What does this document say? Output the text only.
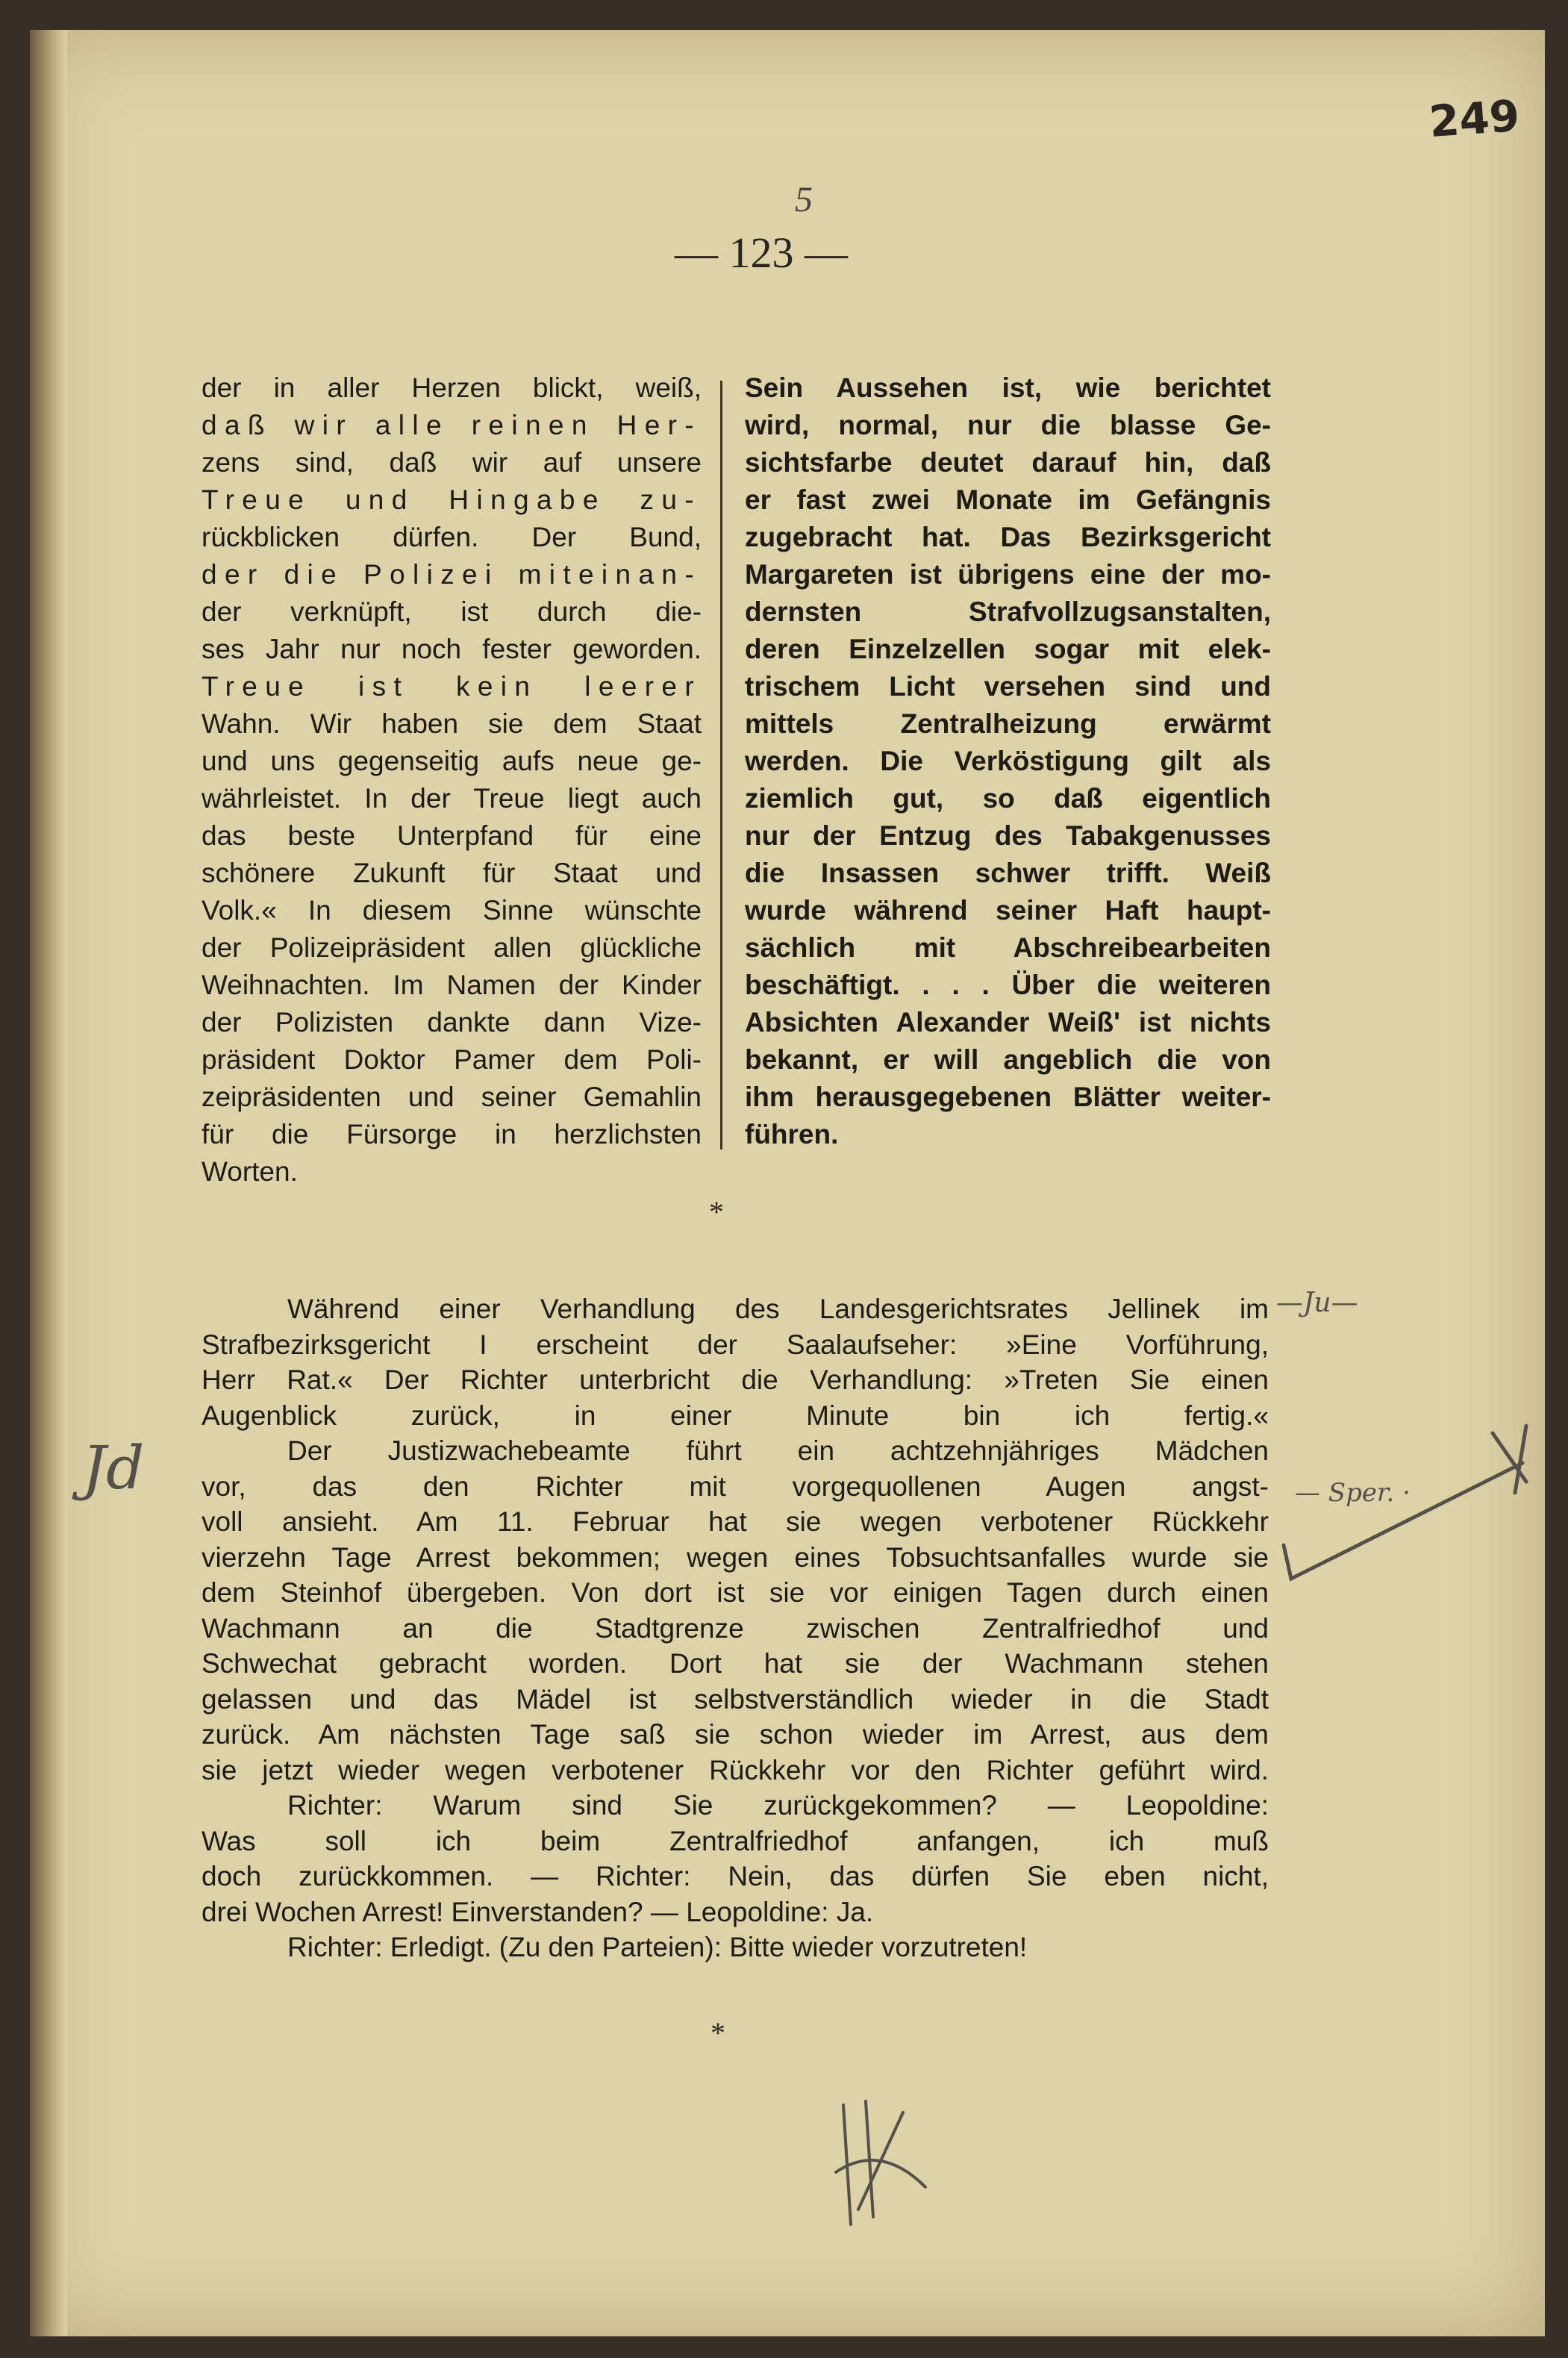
249
5
— 123 —
der in aller Herzen blickt, weiß,
daß wir alle reinen Her-
zens sind, daß wir auf unsere
Treue und Hingabe zu-
rückblicken dürfen. Der Bund,
der die Polizei miteinan-
der verknüpft, ist durch die-
ses Jahr nur noch fester geworden.
Treue ist kein leerer
Wahn. Wir haben sie dem Staat
und uns gegenseitig aufs neue ge-
währleistet. In der Treue liegt auch
das beste Unterpfand für eine
schönere Zukunft für Staat und
Volk.« In diesem Sinne wünschte
der Polizeipräsident allen glückliche
Weihnachten. Im Namen der Kinder
der Polizisten dankte dann Vize-
präsident Doktor Pamer dem Poli-
zeipräsidenten und seiner Gemahlin
für die Fürsorge in herzlichsten
Worten.
Sein Aussehen ist, wie berichtet
wird, normal, nur die blasse Ge-
sichtsfarbe deutet darauf hin, daß
er fast zwei Monate im Gefängnis
zugebracht hat. Das Bezirksgericht
Margareten ist übrigens eine der mo-
dernsten Strafvollzugsanstalten,
deren Einzelzellen sogar mit elek-
trischem Licht versehen sind und
mittels Zentralheizung erwärmt
werden. Die Verköstigung gilt als
ziemlich gut, so daß eigentlich
nur der Entzug des Tabakgenusses
die Insassen schwer trifft. Weiß
wurde während seiner Haft haupt-
sächlich mit Abschreibearbeiten
beschäftigt. . . . Über die weiteren
Absichten Alexander Weiß' ist nichts
bekannt, er will angeblich die von
ihm herausgegebenen Blätter weiter-
führen.
*
Während einer Verhandlung des Landesgerichtsrates Jellinek im
Strafbezirksgericht I erscheint der Saalaufseher: »Eine Vorführung,
Herr Rat.« Der Richter unterbricht die Verhandlung: »Treten Sie einen
Augenblick zurück, in einer Minute bin ich fertig.«
Der Justizwachebeamte führt ein achtzehnjähriges Mädchen
vor, das den Richter mit vorgequollenen Augen angst-
voll ansieht. Am 11. Februar hat sie wegen verbotener Rückkehr
vierzehn Tage Arrest bekommen; wegen eines Tobsuchtsanfalles wurde sie
dem Steinhof übergeben. Von dort ist sie vor einigen Tagen durch einen
Wachmann an die Stadtgrenze zwischen Zentralfriedhof und
Schwechat gebracht worden. Dort hat sie der Wachmann stehen
gelassen und das Mädel ist selbstverständlich wieder in die Stadt
zurück. Am nächsten Tage saß sie schon wieder im Arrest, aus dem
sie jetzt wieder wegen verbotener Rückkehr vor den Richter geführt wird.
Richter: Warum sind Sie zurückgekommen? — Leopoldine:
Was soll ich beim Zentralfriedhof anfangen, ich muß
doch zurückkommen. — Richter: Nein, das dürfen Sie eben nicht,
drei Wochen Arrest! Einverstanden? — Leopoldine: Ja.
Richter: Erledigt. (Zu den Parteien): Bitte wieder vorzutreten!
*
—Ju—
— Sper. ·
Jd
